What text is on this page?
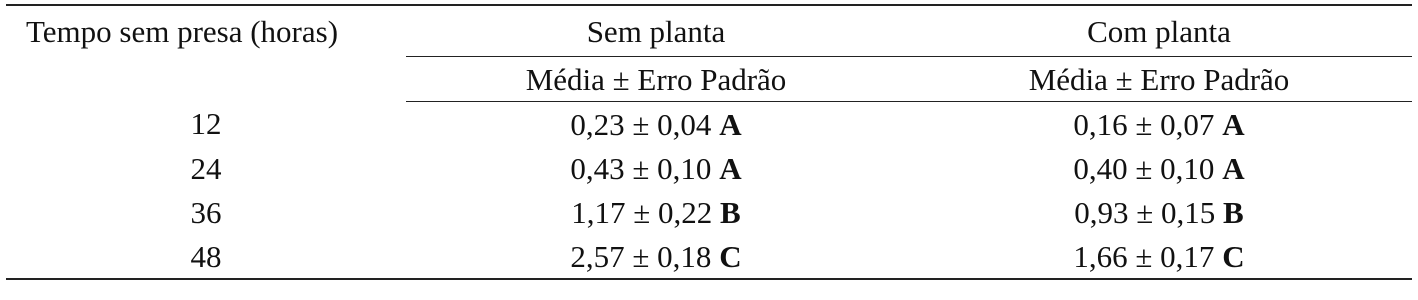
Tempo sem presa (horas)	Sem planta	Com planta
	Média ± Erro Padrão	Média ± Erro Padrão
12	0,23 ± 0,04 A	0,16 ± 0,07 A
24	0,43 ± 0,10 A	0,40 ± 0,10 A
36	1,17 ± 0,22 B	0,93 ± 0,15 B
48	2,57 ± 0,18 C	1,66 ± 0,17 C
